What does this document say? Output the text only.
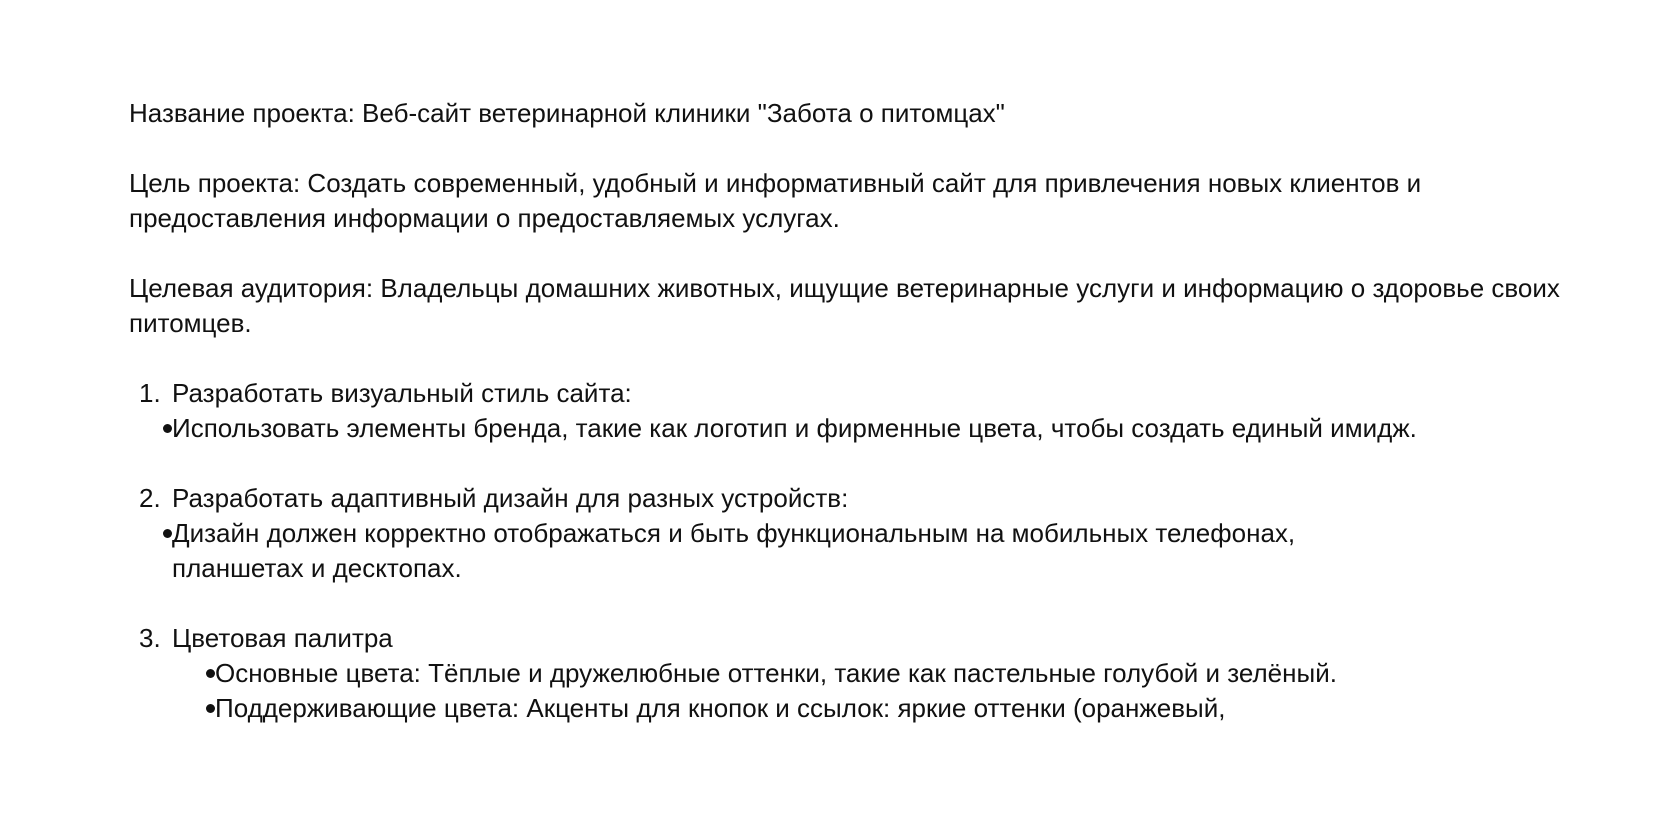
Название проекта: Веб-сайт ветеринарной клиники "Забота о питомцах"

Цель проекта: Создать современный, удобный и информативный сайт для привлечения новых клиентов и предоставления информации о предоставляемых услугах.

Целевая аудитория: Владельцы домашних животных, ищущие ветеринарные услуги и информацию о здоровье своих питомцев.

1. Разработать визуальный стиль сайта:
Использовать элементы бренда, такие как логотип и фирменные цвета, чтобы создать единый имидж.
2. Разработать адаптивный дизайн для разных устройств:
Дизайн должен корректно отображаться и быть функциональным на мобильных телефонах, планшетах и десктопах.
3. Цветовая палитра
Основные цвета: Тёплые и дружелюбные оттенки, такие как пастельные голубой и зелёный.
Поддерживающие цвета: Акценты для кнопок и ссылок: яркие оттенки (оранжевый,
